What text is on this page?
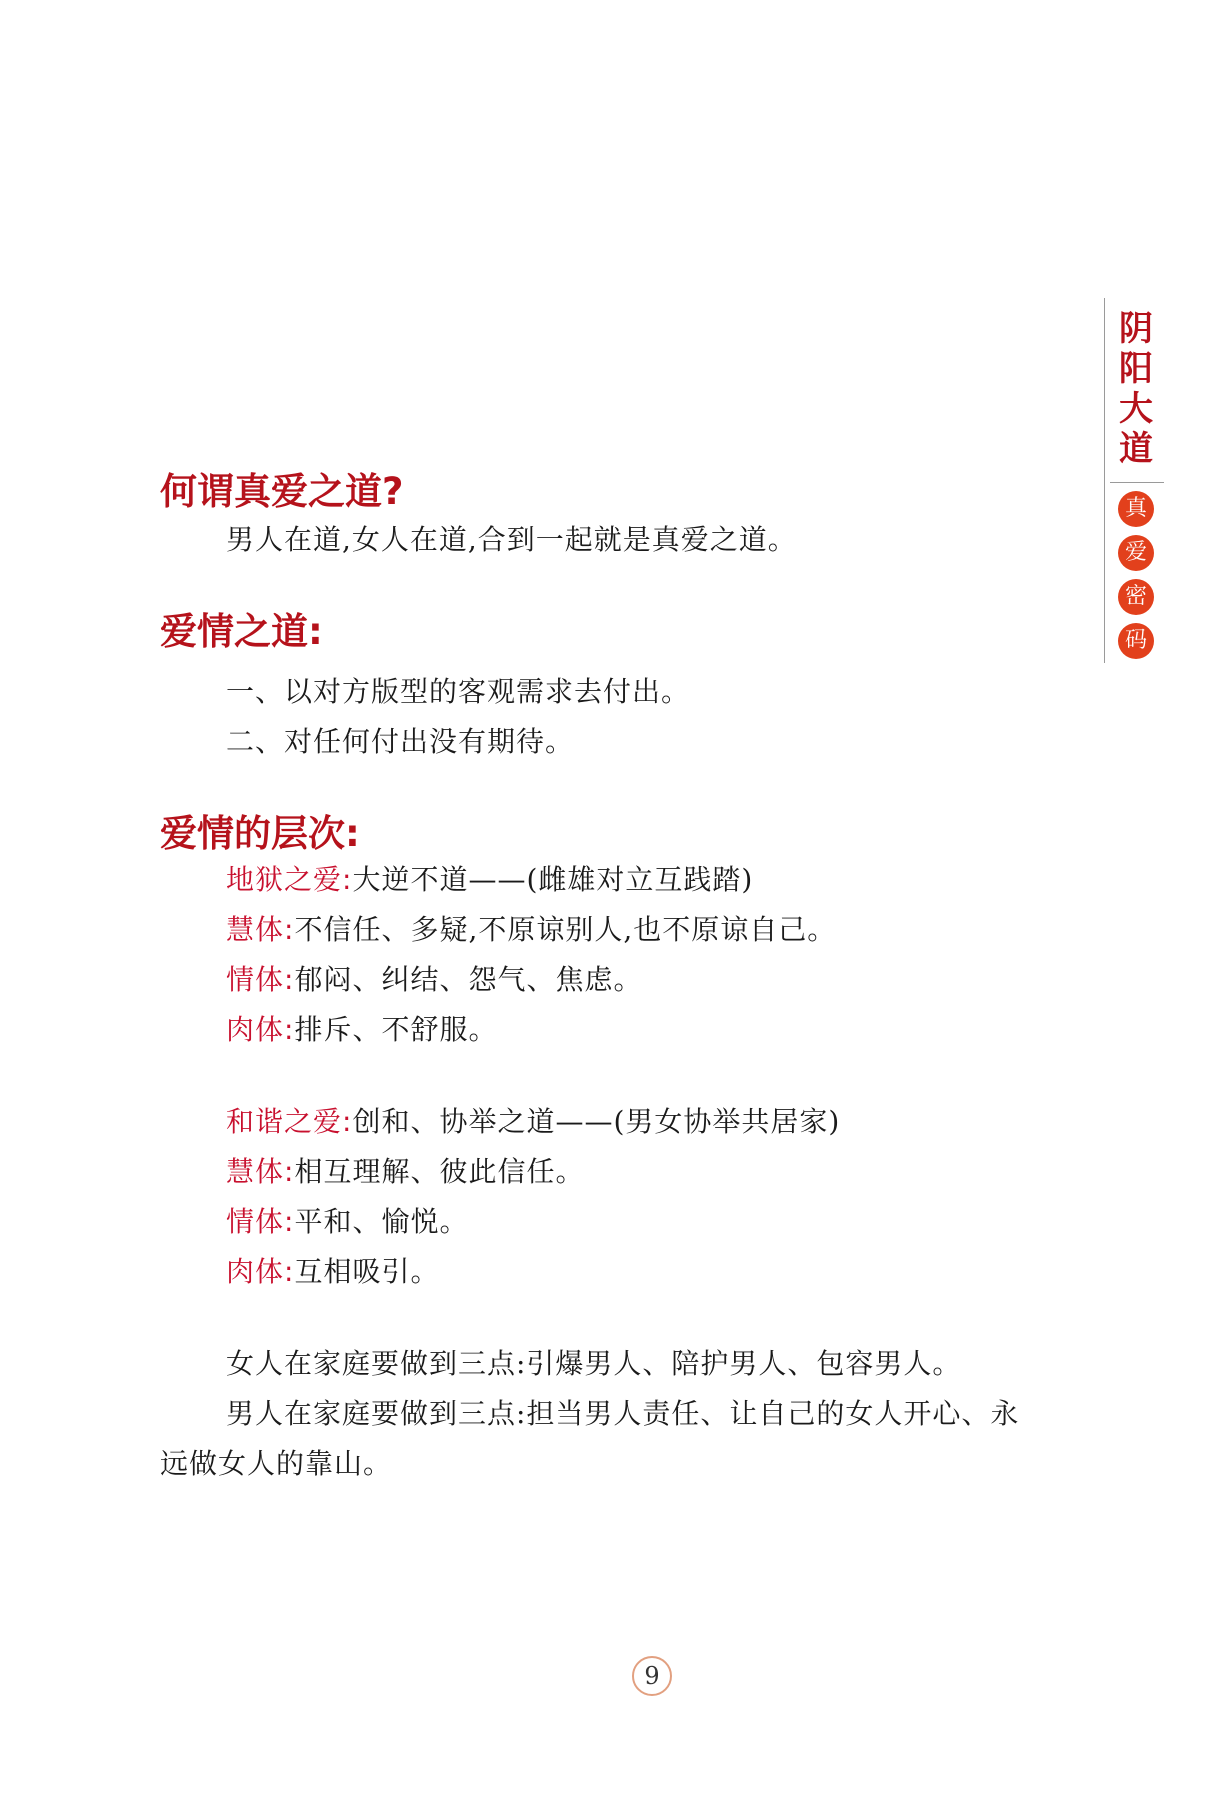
阴
阳
大
道
真
爱
密
码
何谓真爱之道?

男人在道,女人在道,合到一起就是真爱之道。

爱情之道:

一、以对方版型的客观需求去付出。

二、对任何付出没有期待。

爱情的层次:

地狱之爱:大逆不道——(雌雄对立互践踏)

慧体:不信任、多疑,不原谅别人,也不原谅自己。

情体:郁闷、纠结、怨气、焦虑。

肉体:排斥、不舒服。

和谐之爱:创和、协举之道——(男女协举共居家)

慧体:相互理解、彼此信任。

情体:平和、愉悦。

肉体:互相吸引。

女人在家庭要做到三点:引爆男人、陪护男人、包容男人。

男人在家庭要做到三点:担当男人责任、让自己的女人开心、永

远做女人的靠山。

9
